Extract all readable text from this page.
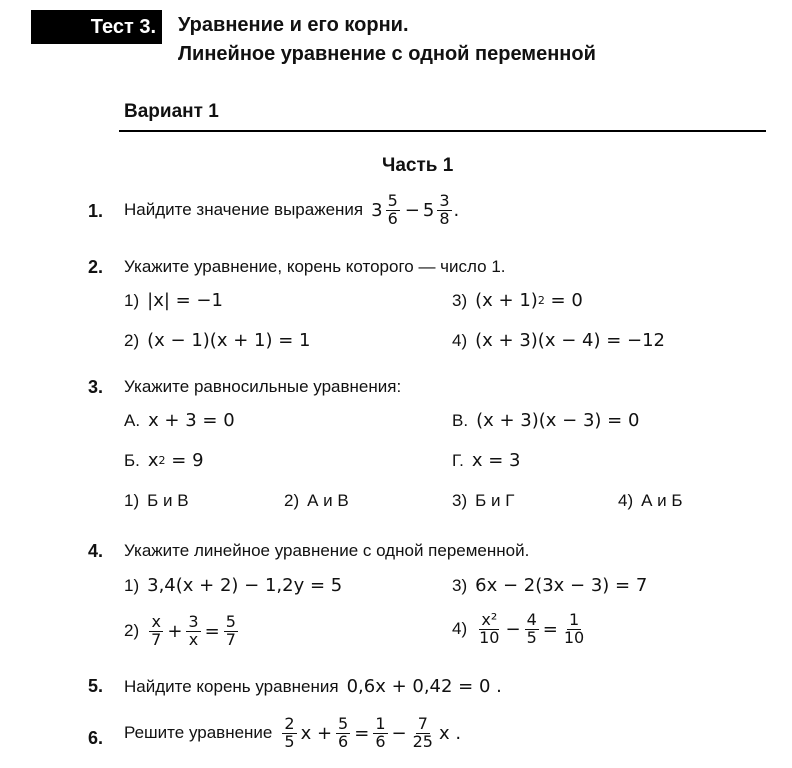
Тест 3. Уравнение и его корни.
Линейное уравнение с одной переменной
Вариант 1
Часть 1
1. Найдите значение выражения $3 \frac{5}{6} - 5 \frac{3}{8}$ .
2. Укажите уравнение, корень которого — число 1.
1) |x| = −1	3) (x + 1) 2 = 0
2) (x − 1)(x + 1) = 1	4) (x + 3)(x − 4) = −12
3. Укажите равносильные уравнения:
А. x + 3 = 0	В. (x + 3)(x − 3) = 0
Б. x 2 = 9	Г. x = 3
1) Б и В	2) А и В	3) Б и Г	4) А и Б
4. Укажите линейное уравнение с одной переменной.
1) 3,4(x + 2) − 1,2y = 5	3) 6x − 2(3x − 3) = 7
$2) \frac{x}{7} + \frac{3}{x} = \frac{5}{7}$	$4) \frac{\text{x²}}{10} - \frac{4}{5} = \frac{1}{10}$
5. Найдите корень уравнения 0,6x + 0,42 = 0 .
6. Решите уравнение $\frac{2}{5}$ $x + \frac{5}{6} = \frac{1}{6} - \frac{7}{25}$ x .
